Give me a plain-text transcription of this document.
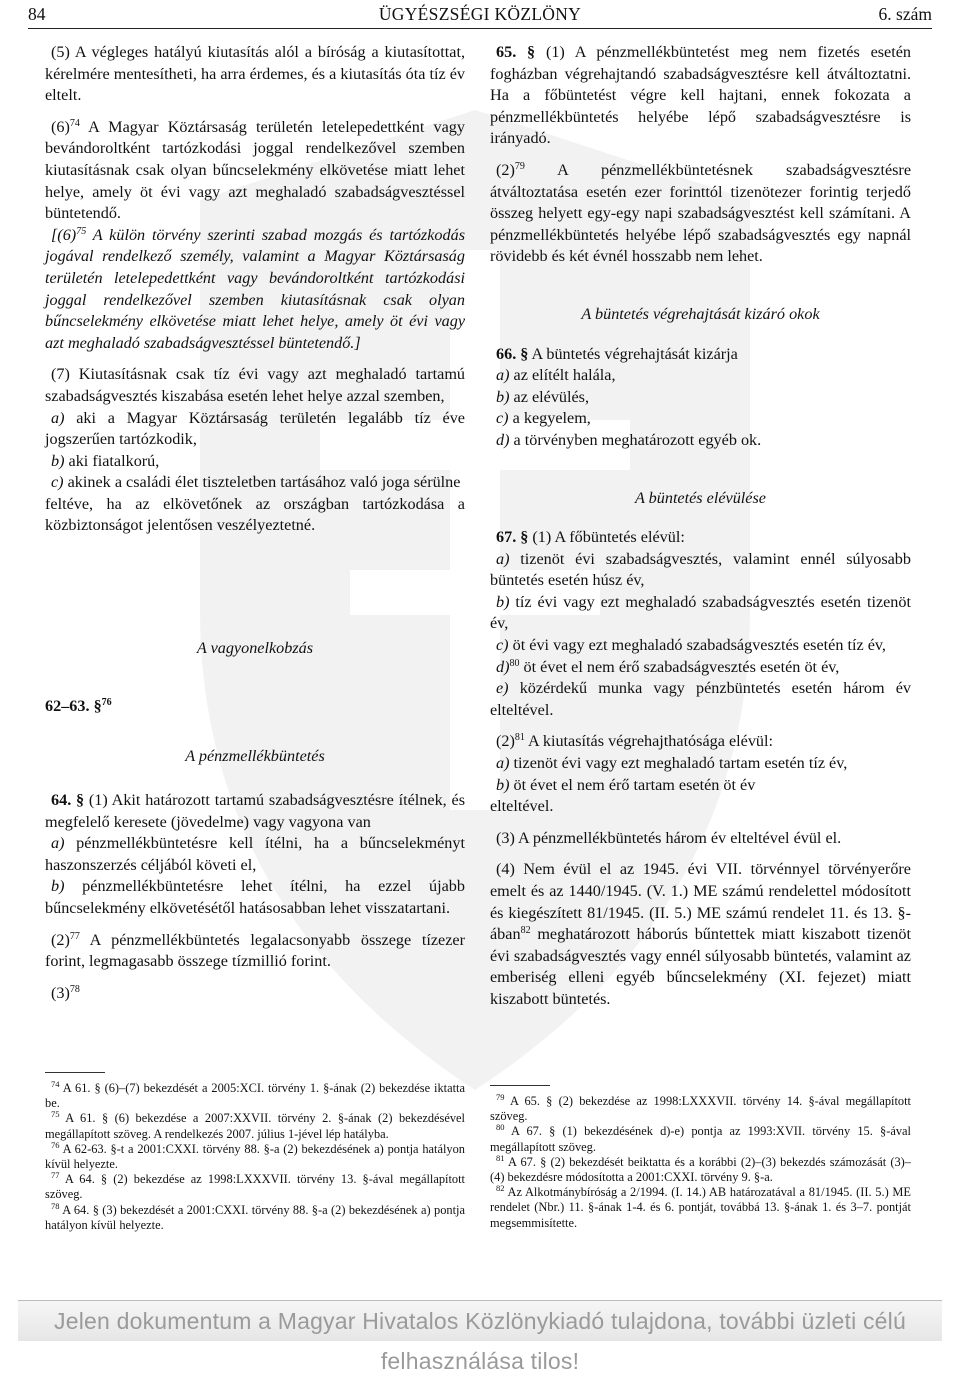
84	ÜGYÉSZSÉGI KÖZLÖNY	6. szám

(5) A végleges hatályú kiutasítás alól a bíróság a kiutasítottat, kérelmére mentesítheti, ha arra érdemes, és a kiutasítás óta tíz év eltelt.

$(6)^{74}$ A Magyar Köztársaság területén letelepedettként vagy bevándoroltként tartózkodási joggal rendelkezővel szemben kiutasításnak csak olyan bűncselekmény elkövetése miatt lehet helye, amely öt évi vagy azt meghaladó szabadságvesztéssel büntetendő.

[$(6)^{75}$ A külön törvény szerinti szabad mozgás és tartózkodás jogával rendelkező személy, valamint a Magyar Köztársaság területén letelepedettként vagy bevándoroltként tartózkodási joggal rendelkezővel szemben kiutasításnak csak olyan bűncselekmény elkövetése miatt lehet helye, amely öt évi vagy azt meghaladó szabadságvesztéssel büntetendő.]

(7) Kiutasításnak csak tíz évi vagy azt meghaladó tartamú szabadságvesztés kiszabása esetén lehet helye azzal szemben,

a) aki a Magyar Köztársaság területén legalább tíz éve jogszerűen tartózkodik,

b) aki fiatalkorú,

c) akinek a családi élet tiszteletben tartásához való joga sérülne

feltéve, ha az elkövetőnek az országban tartózkodása a közbiztonságot jelentősen veszélyeztetné.

A vagyonelkobzás

62–63. §$^{76}$

A pénzmellékbüntetés

64. § (1) Akit határozott tartamú szabadságvesztésre ítélnek, és megfelelő keresete (jövedelme) vagy vagyona van

a) pénzmellékbüntetésre kell ítélni, ha a bűncselekményt haszonszerzés céljából követi el,

b) pénzmellékbüntetésre lehet ítélni, ha ezzel újabb bűncselekmény elkövetésétől hatásosabban lehet visszatartani.

$(2)^{77}$ A pénzmellékbüntetés legalacsonyabb összege tízezer forint, legmagasabb összege tízmillió forint.

$(3)^{78}$

$^{74}$ A 61. § (6)–(7) bekezdését a 2005:XCI. törvény 1. §-ának (2) bekezdése iktatta be.

$^{75}$ A 61. § (6) bekezdése a 2007:XXVII. törvény 2. §-ának (2) bekezdésével megállapított szöveg. A rendelkezés 2007. július 1-jével lép hatályba.

$^{76}$ A 62-63. §-t a 2001:CXXI. törvény 88. §-a (2) bekezdésének a) pontja hatályon kívül helyezte.

$^{77}$ A 64. § (2) bekezdése az 1998:LXXXVII. törvény 13. §-ával megállapított szöveg.

$^{78}$ A 64. § (3) bekezdését a 2001:CXXI. törvény 88. §-a (2) bekezdésének a) pontja hatályon kívül helyezte.

65. § (1) A pénzmellékbüntetést meg nem fizetés esetén fogházban végrehajtandó szabadságvesztésre kell átváltoztatni. Ha a főbüntetést végre kell hajtani, ennek fokozata a pénzmellékbüntetés helyébe lépő szabadságvesztésre is irányadó.

$(2)^{79}$ A pénzmellékbüntetésnek szabadságvesztésre átváltoztatása esetén ezer forinttól tizenötezer forintig terjedő összeg helyett egy-egy napi szabadságvesztést kell számítani. A pénzmellékbüntetés helyébe lépő szabadságvesztés egy napnál rövidebb és két évnél hosszabb nem lehet.

A büntetés végrehajtását kizáró okok

66. § A büntetés végrehajtását kizárja

a) az elítélt halála,

b) az elévülés,

c) a kegyelem,

d) a törvényben meghatározott egyéb ok.

A büntetés elévülése

67. § (1) A főbüntetés elévül:

a) tizenöt évi szabadságvesztés, valamint ennél súlyosabb büntetés esetén húsz év,

b) tíz évi vagy ezt meghaladó szabadságvesztés esetén tizenöt év,

c) öt évi vagy ezt meghaladó szabadságvesztés esetén tíz év,

d)$^{80}$ öt évet el nem érő szabadságvesztés esetén öt év,

e) közérdekű munka vagy pénzbüntetés esetén három év elteltével.

$(2)^{81}$ A kiutasítás végrehajthatósága elévül:

a) tizenöt évi vagy ezt meghaladó tartam esetén tíz év,

b) öt évet el nem érő tartam esetén öt év

elteltével.

(3) A pénzmellékbüntetés három év elteltével évül el.

(4) Nem évül el az 1945. évi VII. törvénnyel törvényerőre emelt és az 1440/1945. (V. 1.) ME számú rendelettel módosított és kiegészített 81/1945. (II. 5.) ME számú rendelet 11. és 13. §-ában$^{82}$ meghatározott háborús bűntettek miatt kiszabott tizenöt évi szabadságvesztés vagy ennél súlyosabb büntetés, valamint az emberiség elleni egyéb bűncselekmény (XI. fejezet) miatt kiszabott büntetés.

$^{79}$ A 65. § (2) bekezdése az 1998:LXXXVII. törvény 14. §-ával megállapított szöveg.

$^{80}$ A 67. § (1) bekezdésének d)-e) pontja az 1993:XVII. törvény 15. §-ával megállapított szöveg.

$^{81}$ A 67. § (2) bekezdését beiktatta és a korábbi (2)–(3) bekezdés számozását (3)–(4) bekezdésre módosította a 2001:CXXI. törvény 9. §-a.

$^{82}$ Az Alkotmánybíróság a 2/1994. (I. 14.) AB határozatával a 81/1945. (II. 5.) ME rendelet (Nbr.) 11. §-ának 1-4. és 6. pontját, továbbá 13. §-ának 1. és 3–7. pontját megsemmisítette.

Jelen dokumentum a Magyar Hivatalos Közlönykiadó tulajdona, további üzleti célú felhasználása tilos!
